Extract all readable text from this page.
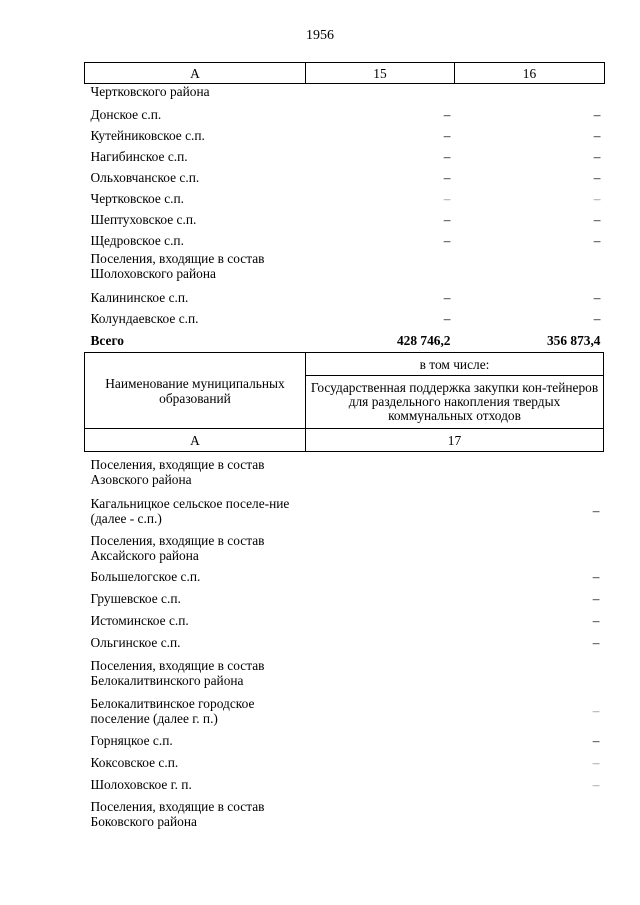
1956
А	15	16
Чертковского района		
Донское с.п.	–	–
Кутейниковское с.п.	–	–
Нагибинское с.п.	–	–
Ольховчанское с.п.	–	–
Чертковское с.п.	–	–
Шептуховское с.п.	–	–
Щедровское с.п.	–	–
Поселения, входящие в состав Шолоховского района		
Калининское с.п.	–	–
Колундаевское с.п.	–	–
Всего	428 746,2	356 873,4
Наименование муниципальных образований	в том числе:
	Государственная поддержка закупки кон-тейнеров для раздельного накопления твердых коммунальных отходов
А	17
Поселения, входящие в состав Азовского района	
Кагальницкое сельское поселе-ние (далее - с.п.)	–
Поселения, входящие в состав Аксайского района	
Большелогское с.п.	–
Грушевское с.п.	–
Истоминское с.п.	–
Ольгинское с.п.	–
Поселения, входящие в состав Белокалитвинского района	
Белокалитвинское городское поселение (далее г. п.)	–
Горняцкое с.п.	–
Коксовское с.п.	–
Шолоховское г. п.	–
Поселения, входящие в состав Боковского района	
